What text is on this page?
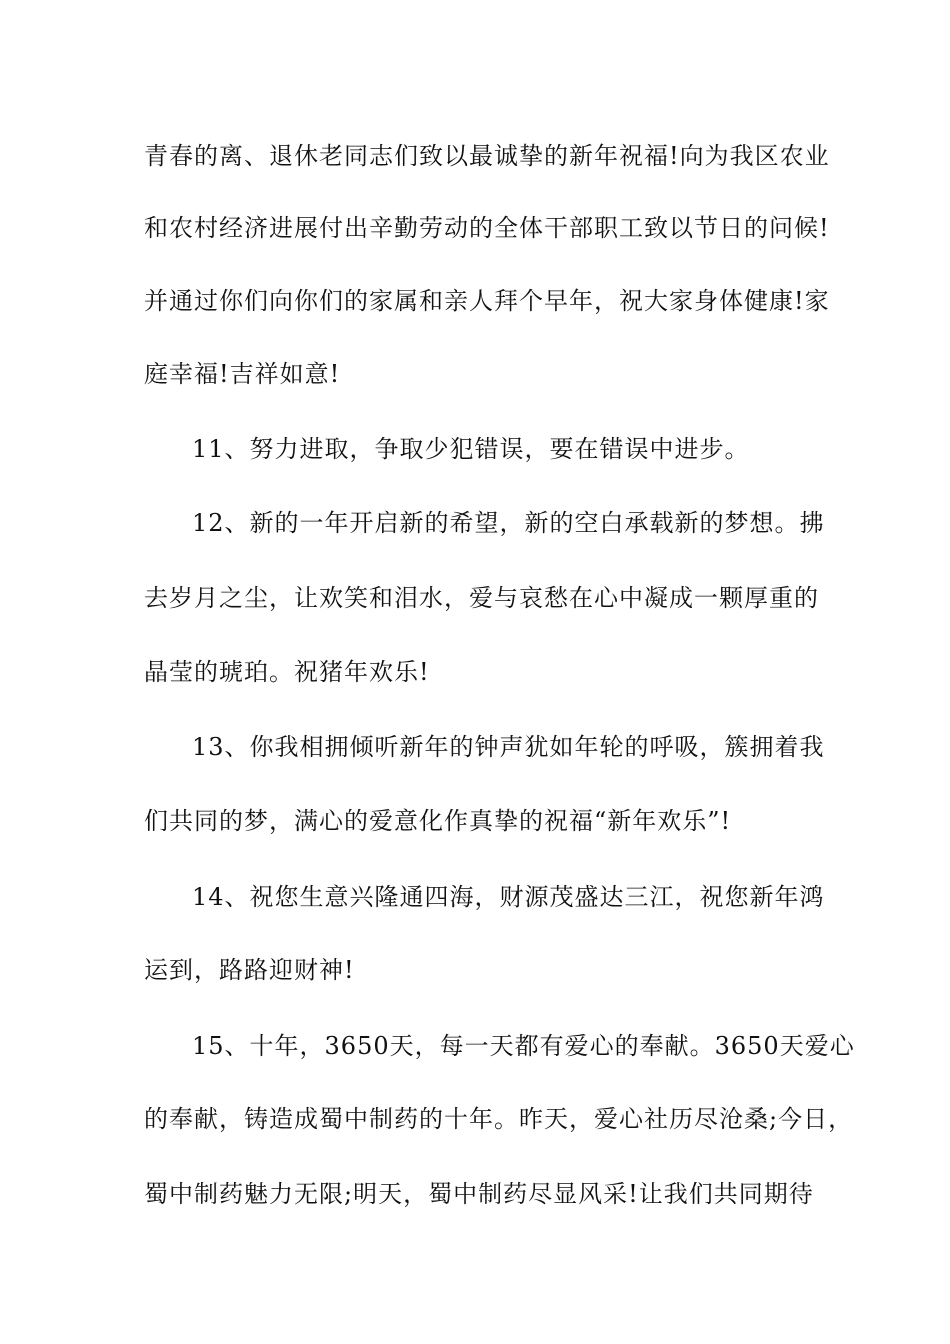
青春的离、退休老同志们致以最诚挚的新年祝福!向为我区农业
和农村经济进展付出辛勤劳动的全体干部职工致以节日的问候!
并通过你们向你们的家属和亲人拜个早年，祝大家身体健康!家
庭幸福!吉祥如意!
11、努力进取，争取少犯错误，要在错误中进步。
12、新的一年开启新的希望，新的空白承载新的梦想。拂
去岁月之尘，让欢笑和泪水，爱与哀愁在心中凝成一颗厚重的
晶莹的琥珀。祝猪年欢乐!
13、你我相拥倾听新年的钟声犹如年轮的呼吸，簇拥着我
们共同的梦，满心的爱意化作真挚的祝福“新年欢乐”!
14、祝您生意兴隆通四海，财源茂盛达三江，祝您新年鸿
运到，路路迎财神!
15、十年，3650天，每一天都有爱心的奉献。3650天爱心
的奉献，铸造成蜀中制药的十年。昨天，爱心社历尽沧桑;今日，
蜀中制药魅力无限;明天，蜀中制药尽显风采!让我们共同期待
